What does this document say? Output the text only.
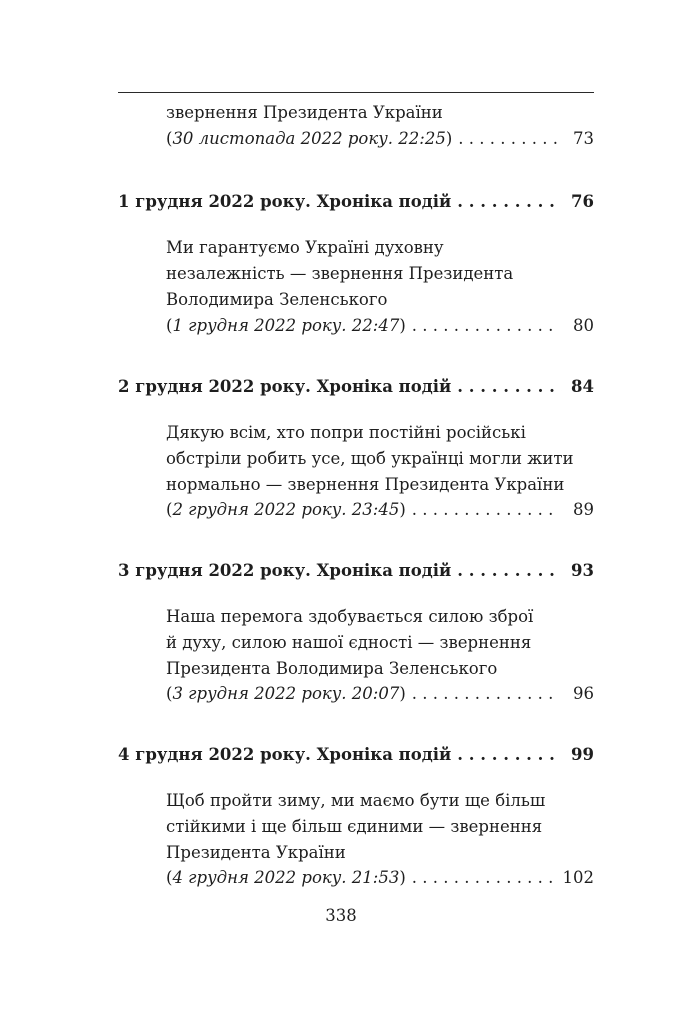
звернення Президента України
(30 листопада 2022 року. 22:25) . . .	73
1 грудня 2022 року. Хроніка подій . . .	76
Ми гарантуємо Україні духовну
незалежність — звернення Президента
Володимира Зеленського
(1 грудня 2022 року. 22:47) . . .	80
2 грудня 2022 року. Хроніка подій . . .	84
Дякую всім, хто попри постійні російські
обстріли робить усе, щоб українці могли жити
нормально — звернення Президента України
(2 грудня 2022 року. 23:45) . . .	89
3 грудня 2022 року. Хроніка подій . . .	93
Наша перемога здобувається силою зброї
й духу, силою нашої єдності — звернення
Президента Володимира Зеленського
(3 грудня 2022 року. 20:07) . . .	96
4 грудня 2022 року. Хроніка подій . . .	99
Щоб пройти зиму, ми маємо бути ще більш
стійкими і ще більш єдиними — звернення
Президента України
(4 грудня 2022 року. 21:53) . . .	102
338
